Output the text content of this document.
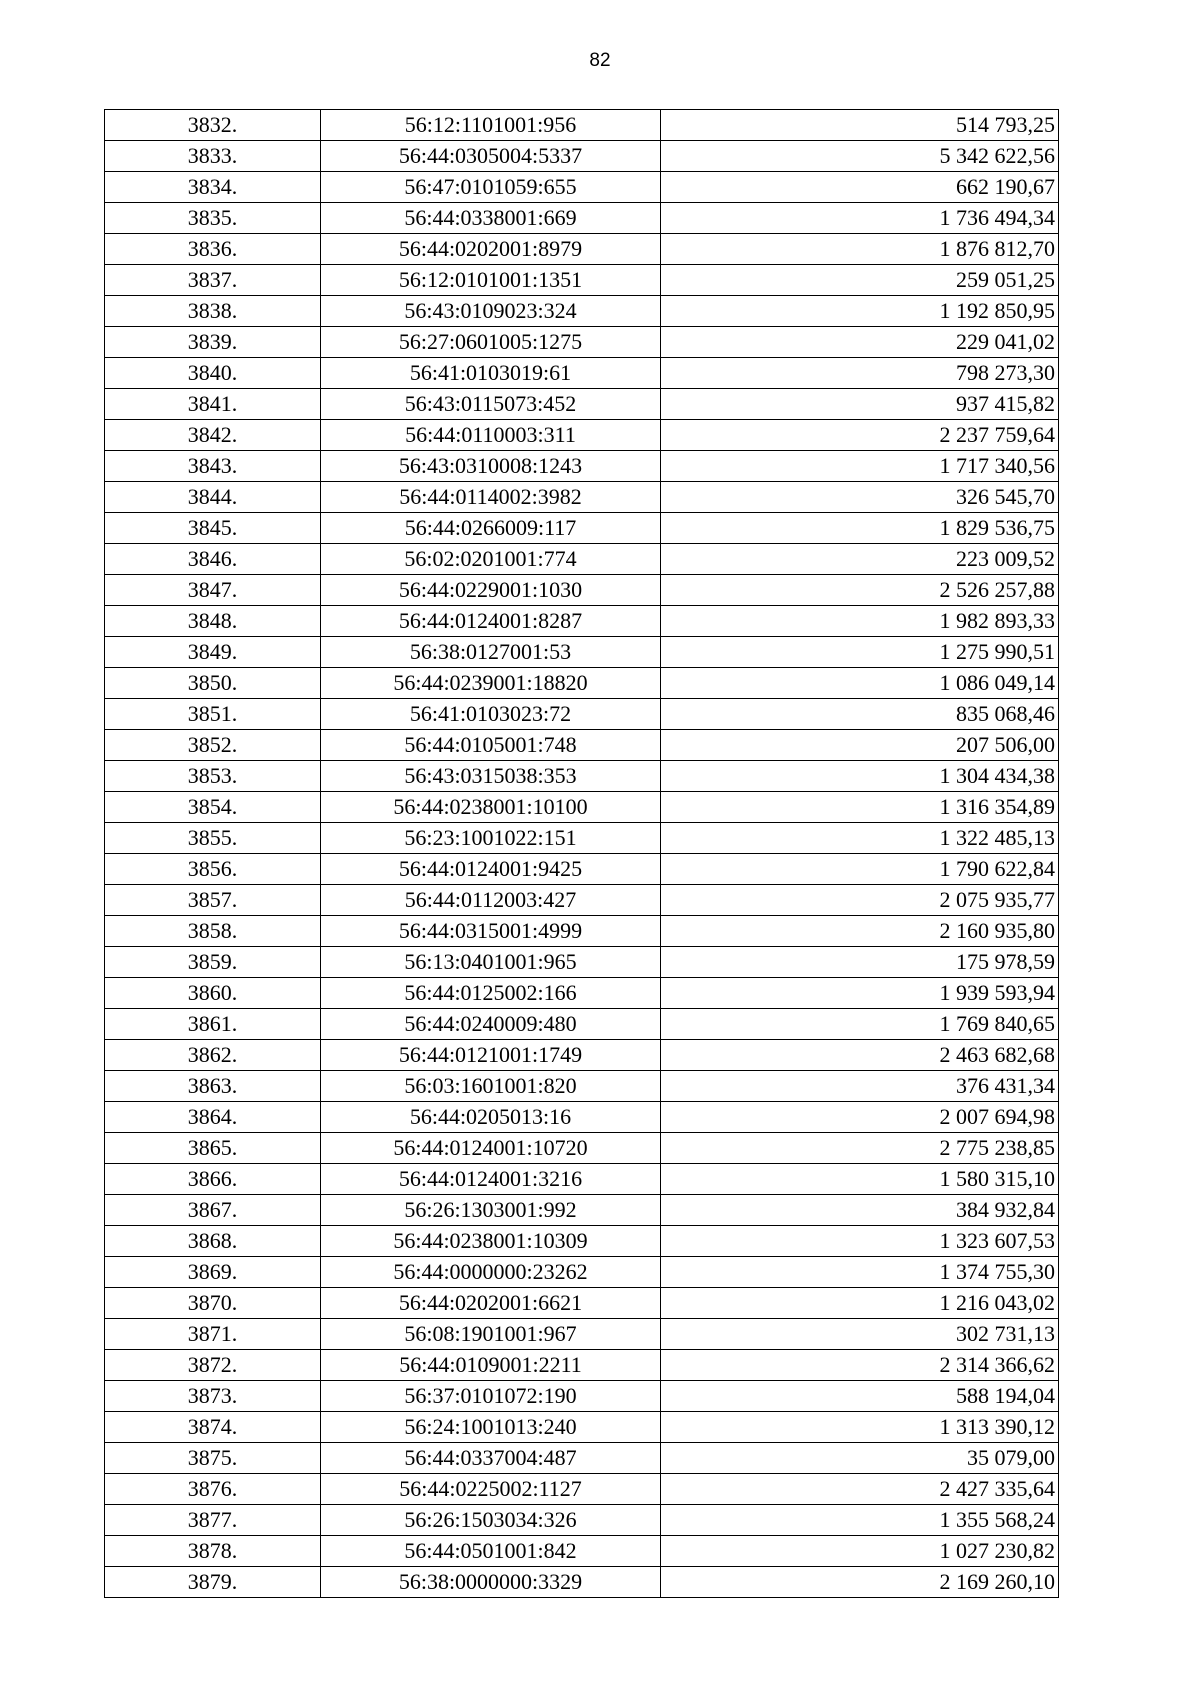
82
3832.	56:12:1101001:956	514 793,25
3833.	56:44:0305004:5337	5 342 622,56
3834.	56:47:0101059:655	662 190,67
3835.	56:44:0338001:669	1 736 494,34
3836.	56:44:0202001:8979	1 876 812,70
3837.	56:12:0101001:1351	259 051,25
3838.	56:43:0109023:324	1 192 850,95
3839.	56:27:0601005:1275	229 041,02
3840.	56:41:0103019:61	798 273,30
3841.	56:43:0115073:452	937 415,82
3842.	56:44:0110003:311	2 237 759,64
3843.	56:43:0310008:1243	1 717 340,56
3844.	56:44:0114002:3982	326 545,70
3845.	56:44:0266009:117	1 829 536,75
3846.	56:02:0201001:774	223 009,52
3847.	56:44:0229001:1030	2 526 257,88
3848.	56:44:0124001:8287	1 982 893,33
3849.	56:38:0127001:53	1 275 990,51
3850.	56:44:0239001:18820	1 086 049,14
3851.	56:41:0103023:72	835 068,46
3852.	56:44:0105001:748	207 506,00
3853.	56:43:0315038:353	1 304 434,38
3854.	56:44:0238001:10100	1 316 354,89
3855.	56:23:1001022:151	1 322 485,13
3856.	56:44:0124001:9425	1 790 622,84
3857.	56:44:0112003:427	2 075 935,77
3858.	56:44:0315001:4999	2 160 935,80
3859.	56:13:0401001:965	175 978,59
3860.	56:44:0125002:166	1 939 593,94
3861.	56:44:0240009:480	1 769 840,65
3862.	56:44:0121001:1749	2 463 682,68
3863.	56:03:1601001:820	376 431,34
3864.	56:44:0205013:16	2 007 694,98
3865.	56:44:0124001:10720	2 775 238,85
3866.	56:44:0124001:3216	1 580 315,10
3867.	56:26:1303001:992	384 932,84
3868.	56:44:0238001:10309	1 323 607,53
3869.	56:44:0000000:23262	1 374 755,30
3870.	56:44:0202001:6621	1 216 043,02
3871.	56:08:1901001:967	302 731,13
3872.	56:44:0109001:2211	2 314 366,62
3873.	56:37:0101072:190	588 194,04
3874.	56:24:1001013:240	1 313 390,12
3875.	56:44:0337004:487	35 079,00
3876.	56:44:0225002:1127	2 427 335,64
3877.	56:26:1503034:326	1 355 568,24
3878.	56:44:0501001:842	1 027 230,82
3879.	56:38:0000000:3329	2 169 260,10
